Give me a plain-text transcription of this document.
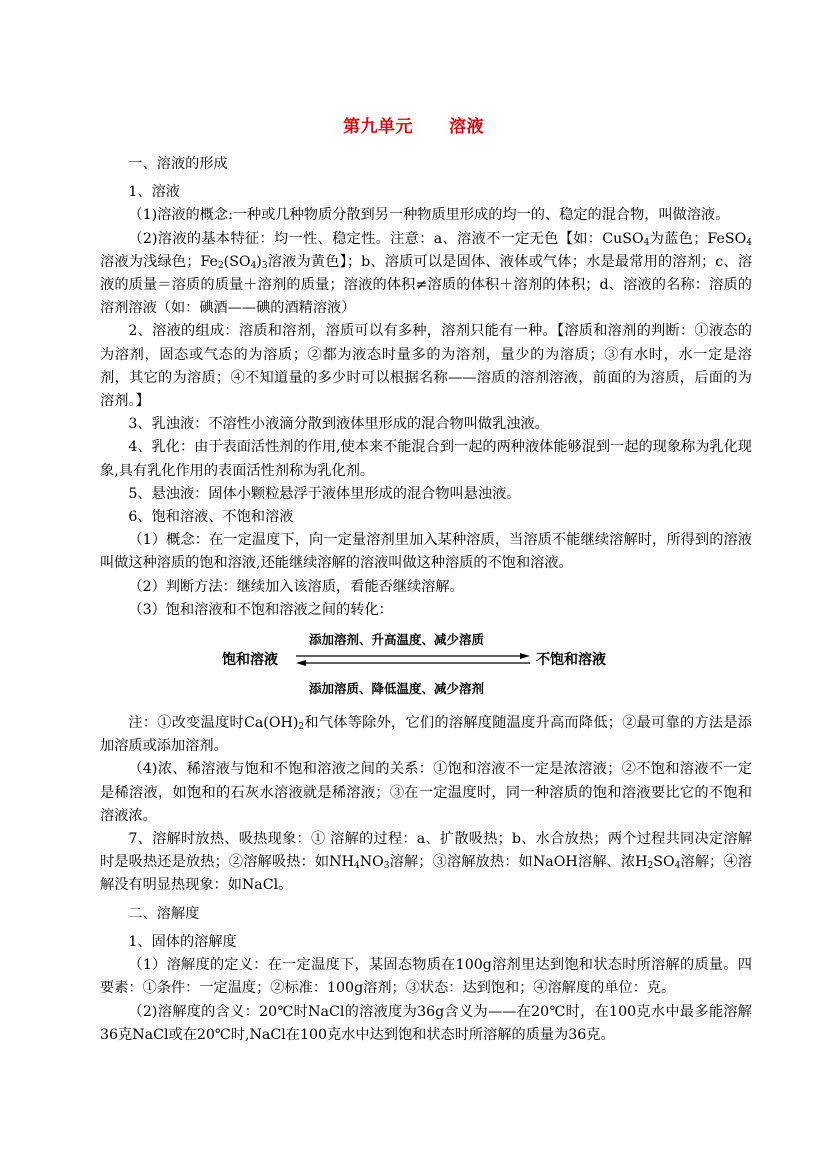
第九单元 溶液

一、溶液的形成

1、溶液

（1)溶液的概念:一种或几种物质分散到另一种物质里形成的均一的、稳定的混合物，叫做溶液。

（2)溶液的基本特征：均一性、稳定性。注意：a、溶液不一定无色【如：CuSO$_4$为蓝色；FeSO$_4$溶液为浅绿色；$Fe_2(SO_4)_3$溶液为黄色】；b、溶质可以是固体、液体或气体；水是最常用的溶剂；c、溶液的质量＝溶质的质量＋溶剂的质量；溶液的体积≠溶质的体积＋溶剂的体积；d、溶液的名称：溶质的溶剂溶液（如：碘酒——碘的酒精溶液）

2、溶液的组成：溶质和溶剂，溶质可以有多种，溶剂只能有一种。【溶质和溶剂的判断：①液态的为溶剂，固态或气态的为溶质；②都为液态时量多的为溶剂，量少的为溶质；③有水时，水一定是溶剂，其它的为溶质；④不知道量的多少时可以根据名称——溶质的溶剂溶液，前面的为溶质，后面的为溶剂。】

3、乳浊液：不溶性小液滴分散到液体里形成的混合物叫做乳浊液。

4、乳化：由于表面活性剂的作用,使本来不能混合到一起的两种液体能够混到一起的现象称为乳化现象,具有乳化作用的表面活性剂称为乳化剂。

5、悬浊液：固体小颗粒悬浮于液体里形成的混合物叫悬浊液。

6、饱和溶液、不饱和溶液

（1）概念：在一定温度下，向一定量溶剂里加入某种溶质，当溶质不能继续溶解时，所得到的溶液叫做这种溶质的饱和溶液,还能继续溶解的溶液叫做这种溶质的不饱和溶液。

（2）判断方法：继续加入该溶质，看能否继续溶解。

（3）饱和溶液和不饱和溶液之间的转化：

添加溶剂、升高温度、减少溶质
饱和溶液	不饱和溶液
添加溶质、降低温度、减少溶剂

注：①改变温度时$Ca(OH)_2$和气体等除外，它们的溶解度随温度升高而降低；②最可靠的方法是添加溶质或添加溶剂。

（4)浓、稀溶液与饱和不饱和溶液之间的关系：①饱和溶液不一定是浓溶液；②不饱和溶液不一定是稀溶液，如饱和的石灰水溶液就是稀溶液；③在一定温度时，同一种溶质的饱和溶液要比它的不饱和溶液浓。

7、溶解时放热、吸热现象：① 溶解的过程：a、扩散吸热；b、水合放热；两个过程共同决定溶解时是吸热还是放热；②溶解吸热：如$NH_4NO_3$溶解；③溶解放热：如NaOH溶解、浓$H_2SO_4$溶解；④溶解没有明显热现象：如NaCl。

二、溶解度

1、固体的溶解度

（1）溶解度的定义：在一定温度下，某固态物质在100g溶剂里达到饱和状态时所溶解的质量。四要素：①条件：一定温度；②标准：100g溶剂；③状态：达到饱和；④溶解度的单位：克。

（2)溶解度的含义：20℃时NaCl的溶液度为36g含义为——在20℃时，在100克水中最多能溶解36克NaCl或在20℃时,NaCl在100克水中达到饱和状态时所溶解的质量为36克。
